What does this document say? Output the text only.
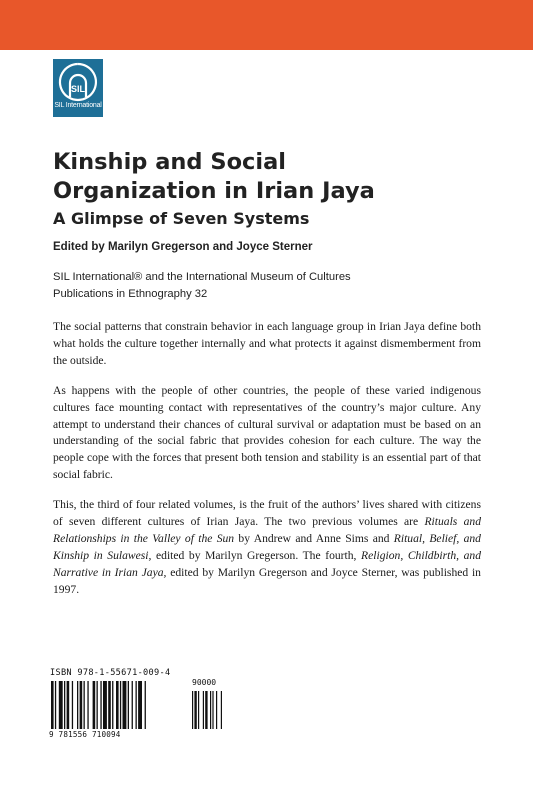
SIL
SIL International
Kinship and Social
Organization in Irian Jaya
A Glimpse of Seven Systems
Edited by Marilyn Gregerson and Joyce Sterner
SIL International® and the International Museum of Cultures
Publications in Ethnography 32

The social patterns that constrain behavior in each language group in Irian Jaya define both what holds the culture together internally and what protects it against dismemberment from the outside.

As happens with the people of other countries, the people of these varied indigenous cultures face mounting contact with representatives of the country’s major culture. Any attempt to understand their chances of cultural survival or adaptation must be based on an understanding of the social fabric that provides cohesion for each culture. The way the people cope with the forces that present both tension and stability is an essential part of that social fabric.

This, the third of four related volumes, is the fruit of the authors’ lives shared with citizens of seven different cultures of Irian Jaya. The two previous volumes are Rituals and Relationships in the Valley of the Sun by Andrew and Anne Sims and Ritual, Belief, and Kinship in Sulawesi, edited by Marilyn Gregerson. The fourth, Religion, Childbirth, and Narrative in Irian Jaya, edited by Marilyn Gregerson and Joyce Sterner, was published in 1997.

ISBN 978-1-55671-009-4
90000
9 781556 710094
